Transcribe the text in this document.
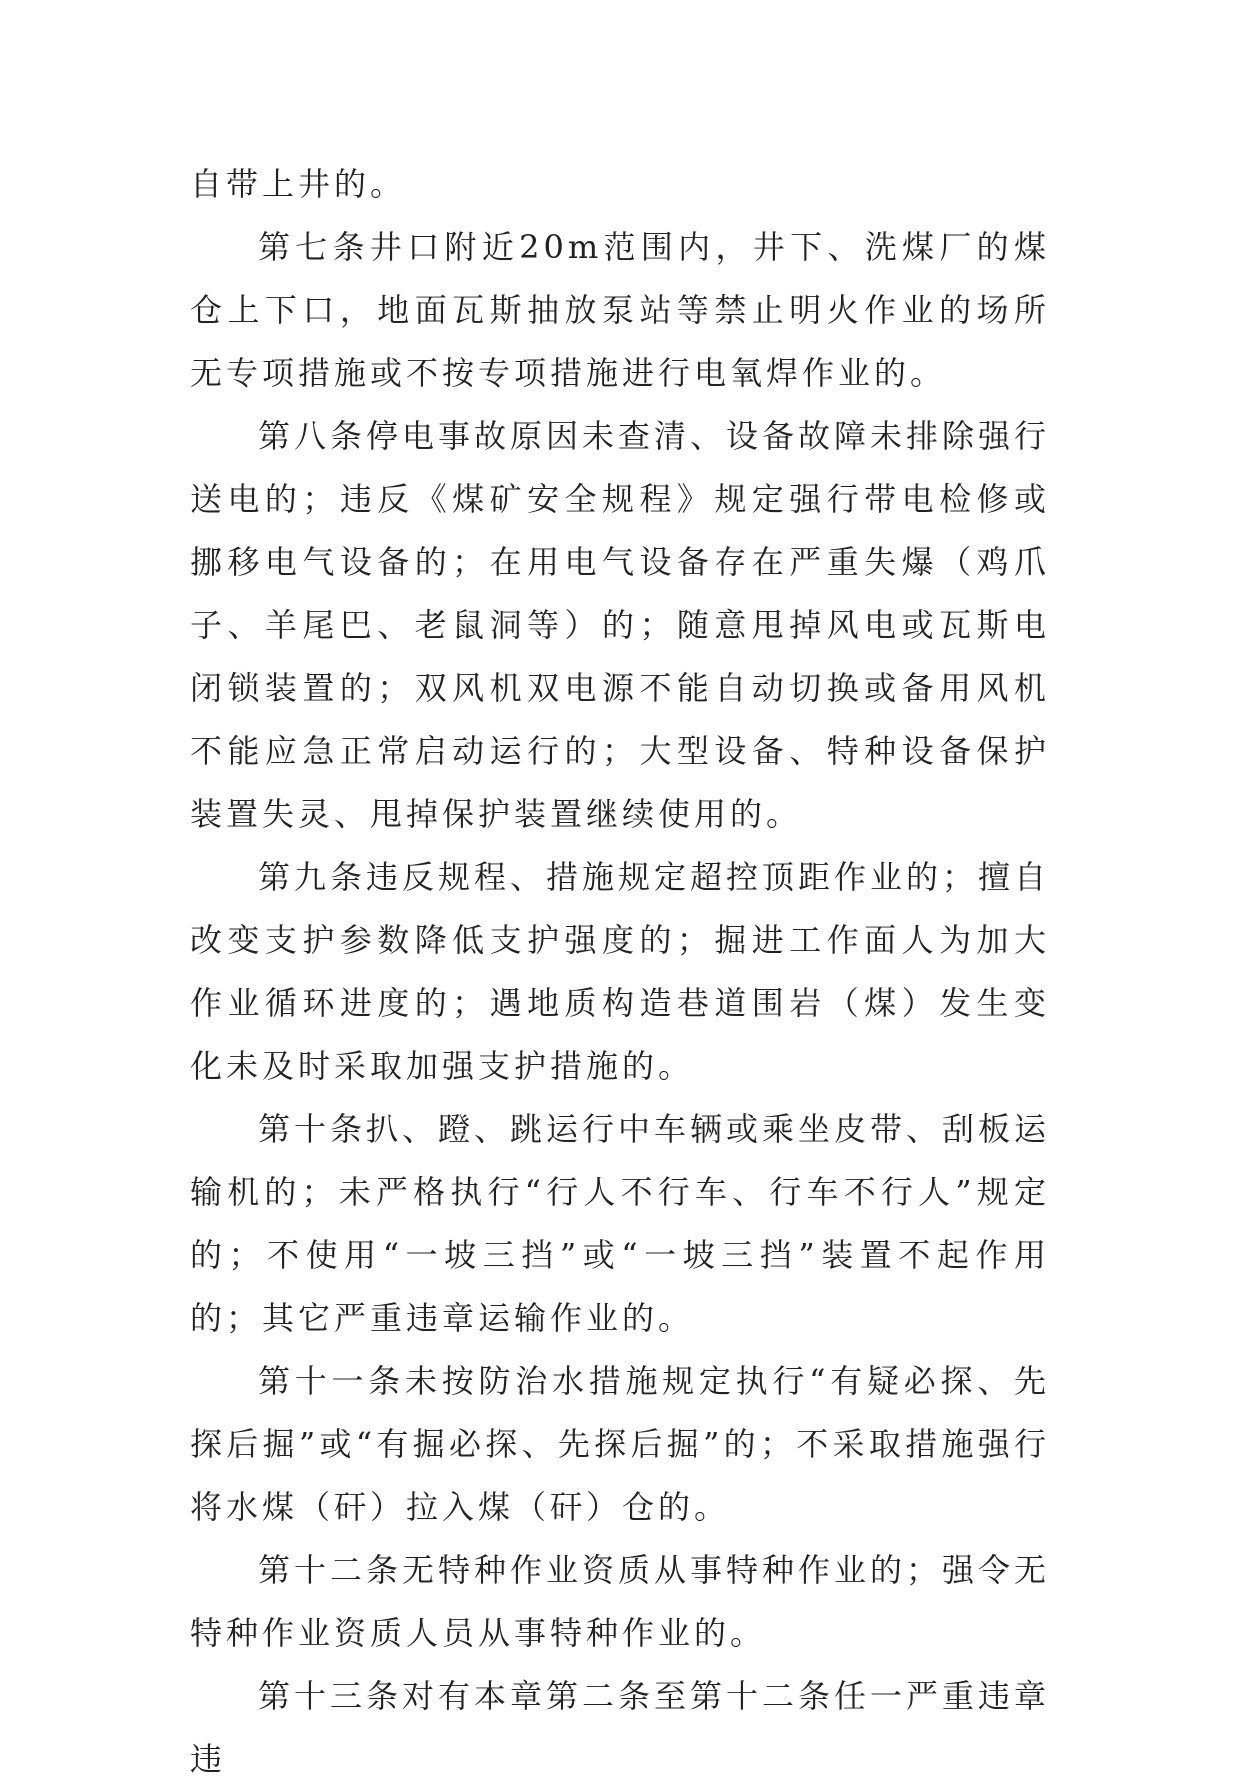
自带上井的。

第七条井口附近20m范围内，井下、洗煤厂的煤仓上下口，地面瓦斯抽放泵站等禁止明火作业的场所无专项措施或不按专项措施进行电氧焊作业的。

第八条停电事故原因未查清、设备故障未排除强行送电的；违反《煤矿安全规程》规定强行带电检修或挪移电气设备的；在用电气设备存在严重失爆（鸡爪子、羊尾巴、老鼠洞等）的；随意甩掉风电或瓦斯电闭锁装置的；双风机双电源不能自动切换或备用风机不能应急正常启动运行的；大型设备、特种设备保护装置失灵、甩掉保护装置继续使用的。

第九条违反规程、措施规定超控顶距作业的；擅自改变支护参数降低支护强度的；掘进工作面人为加大作业循环进度的；遇地质构造巷道围岩（煤）发生变化未及时采取加强支护措施的。

第十条扒、蹬、跳运行中车辆或乘坐皮带、刮板运输机的；未严格执行“行人不行车、行车不行人”规定的；不使用“一坡三挡”或“一坡三挡”装置不起作用的；其它严重违章运输作业的。

第十一条未按防治水措施规定执行“有疑必探、先探后掘”或“有掘必探、先探后掘”的；不采取措施强行将水煤（矸）拉入煤（矸）仓的。

第十二条无特种作业资质从事特种作业的；强令无特种作业资质人员从事特种作业的。

第十三条对有本章第二条至第十二条任一严重违章违
